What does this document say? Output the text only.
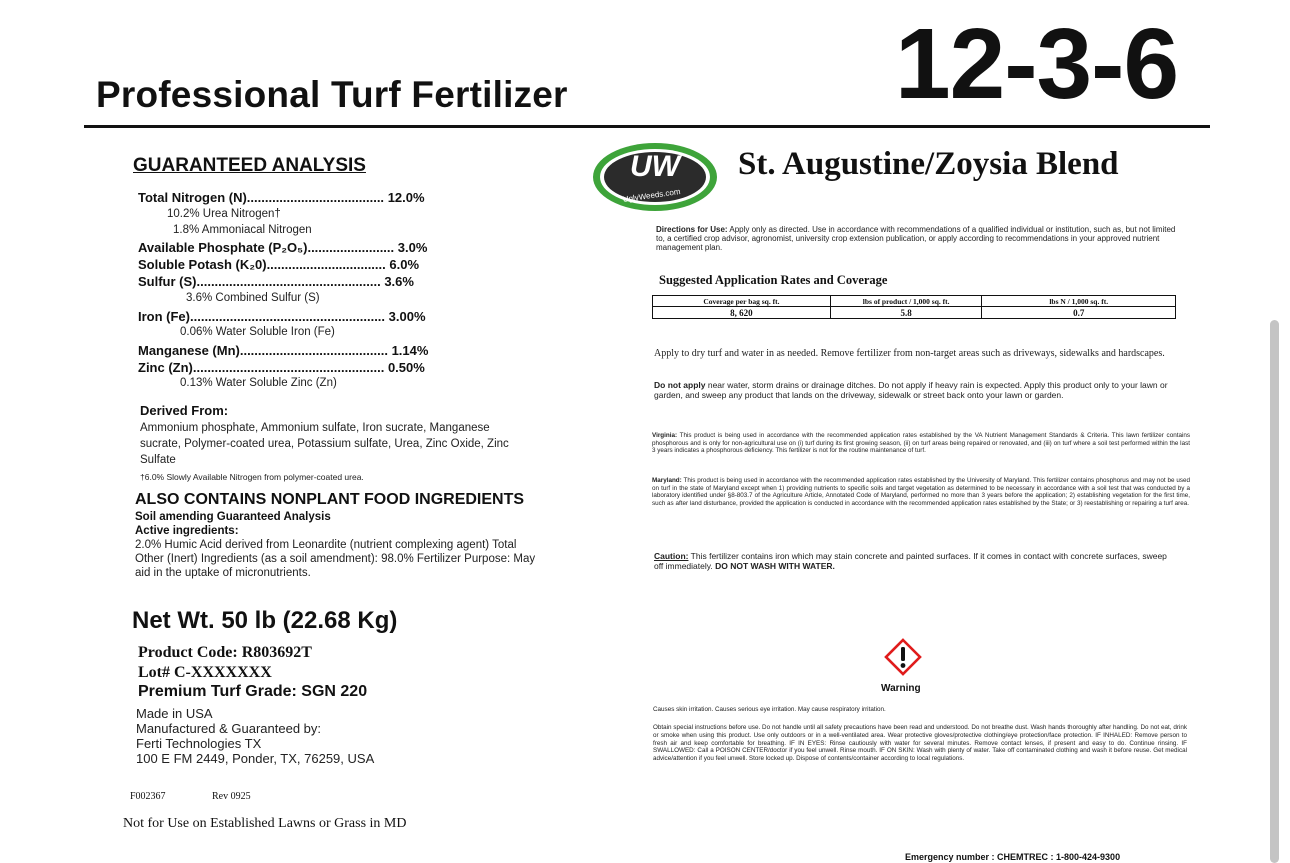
Professional Turf Fertilizer	12-3-6
GUARANTEED ANALYSIS
Total Nitrogen (N)...................................... 12.0%
10.2% Urea Nitrogen†
1.8% Ammoniacal Nitrogen
Available Phosphate (P₂O₅)........................ 3.0%
Soluble Potash (K₂0)................................. 6.0%
Sulfur (S)................................................... 3.6%
3.6% Combined Sulfur (S)
Iron (Fe)...................................................... 3.00%
0.06% Water Soluble Iron (Fe)
Manganese (Mn)......................................... 1.14%
Zinc (Zn)..................................................... 0.50%
0.13% Water Soluble Zinc (Zn)
Derived From:
Ammonium phosphate, Ammonium sulfate, Iron sucrate, Manganese sucrate, Polymer-coated urea, Potassium sulfate, Urea, Zinc Oxide, Zinc Sulfate
†6.0% Slowly Available Nitrogen from polymer-coated urea.
ALSO CONTAINS NONPLANT FOOD INGREDIENTS
Soil amending Guaranteed Analysis
Active ingredients:
2.0% Humic Acid derived from Leonardite (nutrient complexing agent) Total Other (Inert) Ingredients (as a soil amendment): 98.0% Fertilizer Purpose: May aid in the uptake of micronutrients.
Net Wt. 50 lb (22.68 Kg)
Product Code: R803692T
Lot# C-XXXXXXX
Premium Turf Grade: SGN 220
Made in USA
Manufactured & Guaranteed by:
Ferti Technologies TX
100 E FM 2449, Ponder, TX, 76259, USA
F002367	Rev 0925
Not for Use on Established Lawns or Grass in MD
UW
UglyWeeds.com
St. Augustine/Zoysia Blend
Directions for Use: Apply only as directed. Use in accordance with recommendations of a qualified individual or institution, such as, but not limited to, a certified crop advisor, agronomist, university crop extension publication, or apply according to recommendations in your approved nutrient management plan.
Suggested Application Rates and Coverage
Coverage per bag sq. ft.	lbs of product / 1,000 sq. ft.	lbs N / 1,000 sq. ft.
8, 620	5.8	0.7
Apply to dry turf and water in as needed. Remove fertilizer from non-target areas such as driveways, sidewalks and hardscapes.
Do not apply near water, storm drains or drainage ditches. Do not apply if heavy rain is expected. Apply this product only to your lawn or garden, and sweep any product that lands on the driveway, sidewalk or street back onto your lawn or garden.
Virginia: This product is being used in accordance with the recommended application rates established by the VA Nutrient Management Standards & Criteria. This lawn fertilizer contains phosphorous and is only for non-agricultural use on (i) turf during its first growing season, (ii) on turf areas being repaired or renovated, and (iii) on turf where a soil test performed within the last 3 years indicates a phosphorous deficiency. This fertilizer is not for the routine maintenance of turf.
Maryland: This product is being used in accordance with the recommended application rates established by the University of Maryland. This fertilizer contains phosphorus and may not be used on turf in the state of Maryland except when 1) providing nutrients to specific soils and target vegetation as determined to be necessary in accordance with a soil test that was conducted by a laboratory identified under §8-803.7 of the Agriculture Article, Annotated Code of Maryland, performed no more than 3 years before the application; 2) establishing vegetation for the first time, such as after land disturbance, provided the application is conducted in accordance with the recommended application rates established by the State; or 3) reestablishing or repairing a turf area.
Caution: This fertilizer contains iron which may stain concrete and painted surfaces. If it comes in contact with concrete surfaces, sweep off immediately. DO NOT WASH WITH WATER.
Warning
Causes skin irritation. Causes serious eye irritation. May cause respiratory irritation.
Obtain special instructions before use. Do not handle until all safety precautions have been read and understood. Do not breathe dust. Wash hands thoroughly after handling. Do not eat, drink or smoke when using this product. Use only outdoors or in a well-ventilated area. Wear protective gloves/protective clothing/eye protection/face protection. IF INHALED: Remove person to fresh air and keep comfortable for breathing. IF IN EYES: Rinse cautiously with water for several minutes. Remove contact lenses, if present and easy to do. Continue rinsing. IF SWALLOWED: Call a POISON CENTER/doctor if you feel unwell. Rinse mouth. IF ON SKIN: Wash with plenty of water. Take off contaminated clothing and wash it before reuse. Get medical advice/attention if you feel unwell. Store locked up. Dispose of contents/container according to local regulations.
Emergency number : CHEMTREC : 1-800-424-9300
